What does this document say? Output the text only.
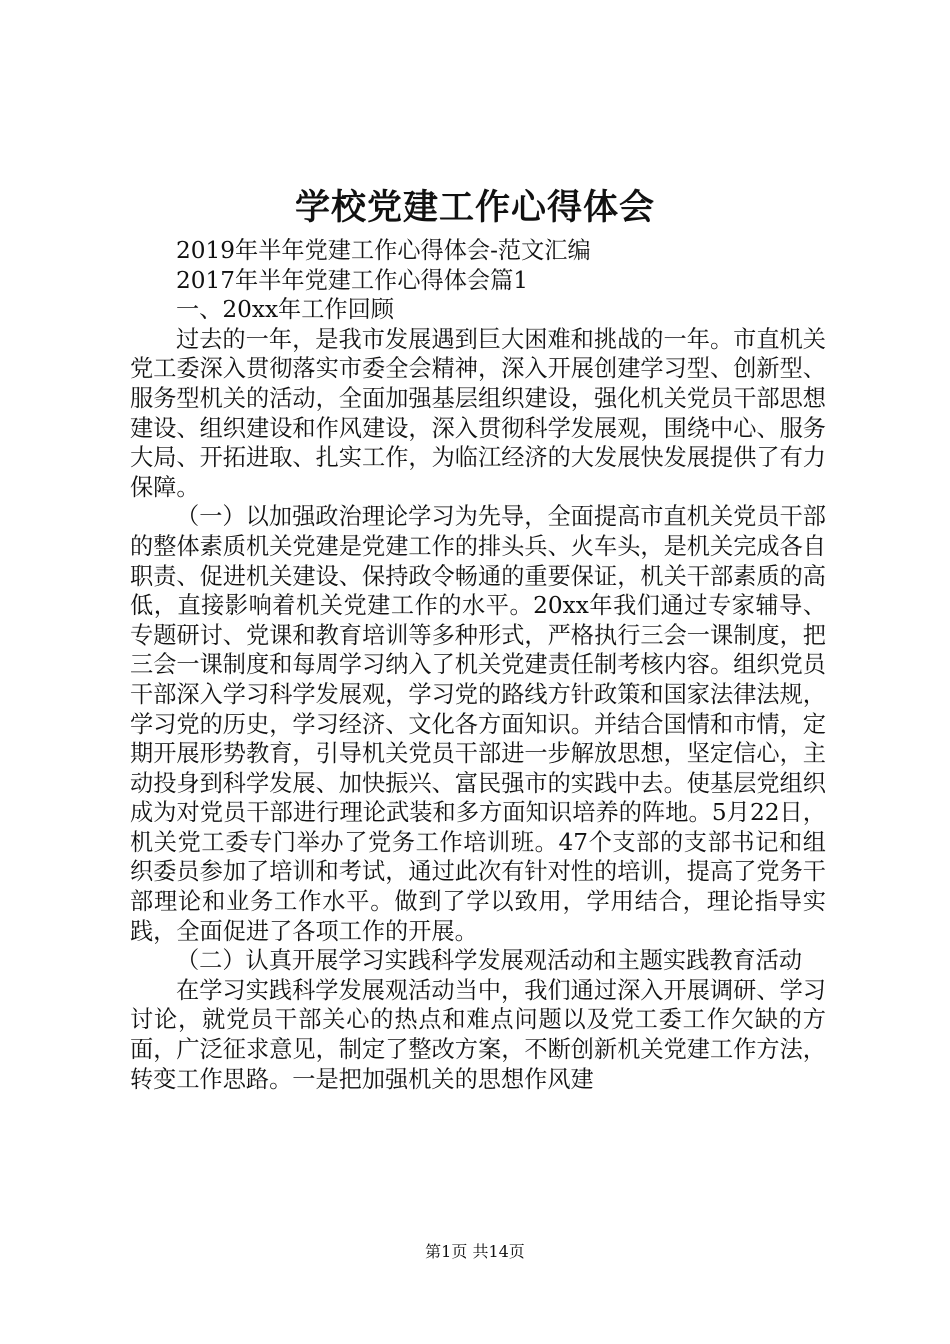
学校党建工作心得体会

2019年半年党建工作心得体会-范文汇编

2017年半年党建工作心得体会篇1

一、20xx年工作回顾

过去的一年，是我市发展遇到巨大困难和挑战的一年。市直机关党工委深入贯彻落实市委全会精神，深入开展创建学习型、创新型、服务型机关的活动，全面加强基层组织建设，强化机关党员干部思想建设、组织建设和作风建设，深入贯彻科学发展观，围绕中心、服务大局、开拓进取、扎实工作，为临江经济的大发展快发展提供了有力保障。

（一）以加强政治理论学习为先导，全面提高市直机关党员干部的整体素质机关党建是党建工作的排头兵、火车头，是机关完成各自职责、促进机关建设、保持政令畅通的重要保证，机关干部素质的高低，直接影响着机关党建工作的水平。20xx年我们通过专家辅导、专题研讨、党课和教育培训等多种形式，严格执行三会一课制度，把三会一课制度和每周学习纳入了机关党建责任制考核内容。组织党员干部深入学习科学发展观，学习党的路线方针政策和国家法律法规，学习党的历史，学习经济、文化各方面知识。并结合国情和市情，定期开展形势教育，引导机关党员干部进一步解放思想，坚定信心，主动投身到科学发展、加快振兴、富民强市的实践中去。使基层党组织成为对党员干部进行理论武装和多方面知识培养的阵地。5月22日，机关党工委专门举办了党务工作培训班。47个支部的支部书记和组织委员参加了培训和考试，通过此次有针对性的培训，提高了党务干部理论和业务工作水平。做到了学以致用，学用结合，理论指导实践，全面促进了各项工作的开展。

（二）认真开展学习实践科学发展观活动和主题实践教育活动

在学习实践科学发展观活动当中，我们通过深入开展调研、学习讨论，就党员干部关心的热点和难点问题以及党工委工作欠缺的方面，广泛征求意见，制定了整改方案，不断创新机关党建工作方法，转变工作思路。一是把加强机关的思想作风建

第1页 共14页
